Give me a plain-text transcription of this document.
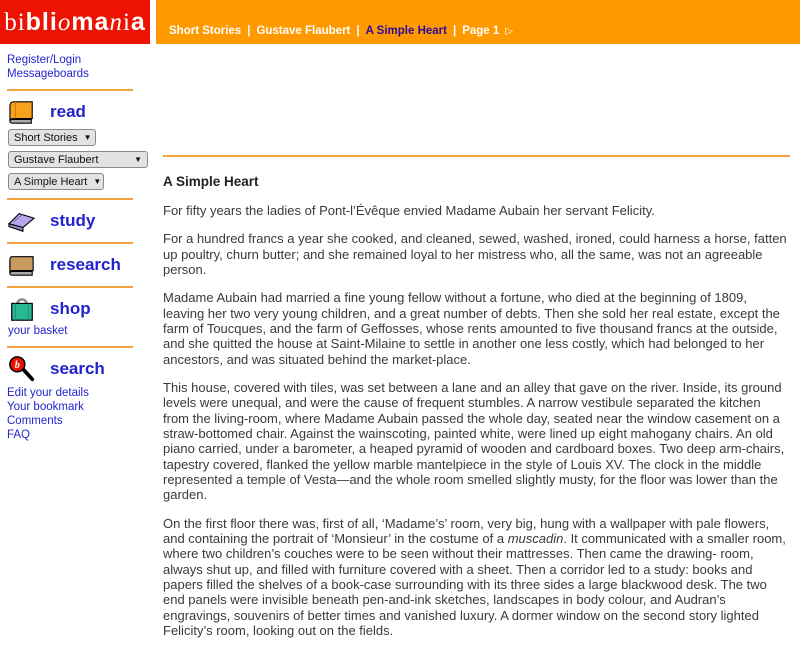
bibliomania Short Stories | Gustave Flaubert | A Simple Heart | Page 1 ▷
Register/Login
Messageboards
read
Short Stories ▼
Gustave Flaubert	▼
A Simple Heart ▼
study
research
shop
your basket
b search
Edit your details
Your bookmark
Comments
FAQ
A Simple Heart

For fifty years the ladies of Pont-l’Évêque envied Madame Aubain her servant Felicity.

For a hundred francs a year she cooked, and cleaned, sewed, washed, ironed, could harness a horse, fatten up poultry, churn butter; and she remained loyal to her mistress who, all the same, was not an agreeable person.

Madame Aubain had married a fine young fellow without a fortune, who died at the beginning of 1809, leaving her two very young children, and a great number of debts. Then she sold her real estate, except the farm of Toucques, and the farm of Geffosses, whose rents amounted to five thousand francs at the outside, and she quitted the house at Saint-Milaine to settle in another one less costly, which had belonged to her ancestors, and was situated behind the market-place.

This house, covered with tiles, was set between a lane and an alley that gave on the river. Inside, its ground levels were unequal, and were the cause of frequent stumbles. A narrow vestibule separated the kitchen from the living-room, where Madame Aubain passed the whole day, seated near the window casement on a straw-bottomed chair. Against the wainscoting, painted white, were lined up eight mahogany chairs. An old piano carried, under a barometer, a heaped pyramid of wooden and cardboard boxes. Two deep arm-chairs, tapestry covered, flanked the yellow marble mantelpiece in the style of Louis XV. The clock in the middle represented a temple of Vesta—and the whole room smelled slightly musty, for the floor was lower than the garden.

On the first floor there was, first of all, ‘Madame’s’ room, very big, hung with a wallpaper with pale flowers, and containing the portrait of ‘Monsieur’ in the costume of a muscadin. It communicated with a smaller room, where two children’s couches were to be seen without their mattresses. Then came the drawing- room, always shut up, and filled with furniture covered with a sheet. Then a corridor led to a study: books and papers filled the shelves of a book-case surrounding with its three sides a large blackwood desk. The two end panels were invisible beneath pen-and-ink sketches, landscapes in body colour, and Audran’s engravings, souvenirs of better times and vanished luxury. A dormer window on the second story lighted Felicity’s room, looking out on the fields.
